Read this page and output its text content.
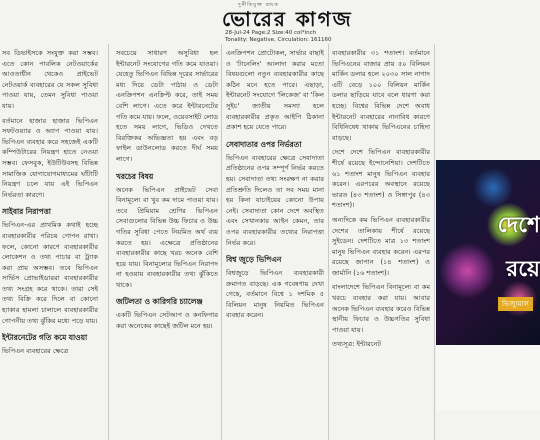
দুর্নীতিমুক্ত ব্যাংক
ভোরের কাগজ
28-Jul-24 Page:2 Size:40 col*inch
Tonality: Negative, Circulation: 161160

সব ডিভাইসকে সংযুক্ত করা সম্ভব। এতে কোন পাবলিক নেটওয়ার্কের আওতাধীন থেকেও প্রাইভেট নেটওয়ার্ক ব্যবহারের যে সকল সুবিধা পাওয়া যায়, তেমন সুবিধা পাওয়া যায়।

বর্তমানে হাজার হাজার ভিপিএন সফটওয়্যার ও অ্যাপ পাওয়া যায়। ভিপিএন ব্যবহার করে সহজেই একটি কম্পিউটারের নিয়ন্ত্রণ হাতে নেওয়া সম্ভব। ফেসবুক, ইউটিউবসহ বিভিন্ন সামাজিক যোগাযোগমাধ্যমের ঘাঁটাটি নিয়ন্ত্রণ চলে যায় এই ভিপিএন নির্ভরতা কারণে।

সাইবার নিরাপত্তা

ভিপিএন-এর প্রাথমিক কথাই হচ্ছে ব্যবহারকারীর পরিচয় গোপন রাখা। ফলে, কোনো কারণে ব্যবহারকারীর লোকেশন ও তথ্য পাচার বা ট্র্যাক করা প্রায় অসম্ভব। তবে ভিপিএন সার্ভিস প্রোভাইডাররা ব্যবহারকারীর তথ্য সংগ্রহ করে থাকে। তারা সেই তথ্য বিক্রি করে দিলে বা কোনো হ্যাকার হামলা চালালে ব্যবহারকারীর গোপনীয় তথ্য ঝুঁকির মধ্যে পড়ে যায়।

ইন্টারনেটের গতি কমে যাওয়া

ভিপিএন ব্যবহারের ক্ষেত্রে

সবচেয়ে সাধারণ অসুবিধা হল ইন্টারনেট সংযোগের গতি কমে যাওয়া। যেহেতু ভিপিএন বিভিন্ন দূরের সার্ভারের মধ্য দিয়ে ডেটা পাঠায় ও ডেটা এনক্রিপশন এনক্রিপ্ট করে, তাই সময় বেশি লাগে। এতে করে ইন্টারনেটের গতি কমে যায়। ফলে, ওয়েবসাইট লোড হতে সময় লাগে, ভিডিও দেখতে বিরক্তিকর অভিজ্ঞতা হয় এবং বড় ফাইল ডাউনলোড করতে দীর্ঘ সময় লাগে।

খরচের বিষয়

অনেক ভিপিএন প্রাইভেট সেবা বিনামূল্যে বা খুব কম দামে পাওয়া যায়। তবে প্রিমিয়াম শ্রেণির ভিপিএন সেবাগুলোর বিভিন্ন উচ্চ ফিচার ও উচ্চ গতির সুবিধা পেতে নিয়মিত অর্থ ব্যয় করতে হয়। এক্ষেত্রে প্রতিষ্ঠানের ব্যবহারকারীর কাছে খরচ অনেক বেশি হয়ে যায়। বিনামূল্যের ভিপিএন নিরাপদ না হওয়ায় ব্যবহারকারীর তথ্য ঝুঁকিতে থাকে।

জটিলতা ও কারিগরি চ্যালেঞ্জ

একটি ভিপিএন সেটআপ ও কনফিগার করা অনেকের কাছেই জটিল মনে হয়।

এনক্রিপশন প্রোটোকল, সার্ভার বাছাই ও 'টানেলিং' আলাদা করার মতো বিষয়গুলো নতুন ব্যবহারকারীর কাছে কঠিন মনে হতে পারে। এছাড়া, ইন্টারনেট সংযোগে 'লিকেজ' বা 'কিল সুইচ' জাতীয় সমস্যা হলে ব্যবহারকারীর প্রকৃত আইপি ঠিকানা প্রকাশ হয়ে যেতে পারে।

সেবাদাতার ওপর নির্ভরতা

ভিপিএন ব্যবহারের ক্ষেত্রে সেবাদাতা প্রতিষ্ঠানের ওপর সম্পূর্ণ নির্ভর করতে হয়। সেবাদাতা তথ্য সংরক্ষণ না করার প্রতিশ্রুতি দিলেও তা সব সময় মানা হয় কিনা যাচাইয়ের কোনো উপায় নেই। সেবাদাতা কোন দেশে অবস্থিত এবং সেখানকার আইন কেমন, তার ওপর ব্যবহারকারীর তথ্যের নিরাপত্তা নির্ভর করে।

বিশ্ব জুড়ে ভিপিএন

বিশ্বজুড়ে ভিপিএন ব্যবহারকারী ক্রমাগত বাড়ছে। এক গবেষণায় দেখা গেছে, বর্তমানে বিশ্বে ১ দশমিক ৫ বিলিয়ন মানুষ নিয়মিত ভিপিএন ব্যবহার করেন।

ব্যবহারকারীর ৩১ শতাংশ। বর্তমানে ভিপিএনের বাজার প্রায় ৫০ বিলিয়ন মার্কিন ডলার হলে ২০৩০ সাল নাগাদ এটি বেড়ে ১০০ বিলিয়ন মার্কিন ডলার ছাড়িয়ে যাবে বলে ধারণা করা হচ্ছে। বিশ্বের বিভিন্ন দেশে অবাধ ইন্টারনেট ব্যবহারের নানাবিধ কারণে বিধিনিষেধ থাকায় ভিপিএনের চাহিদা বাড়ছে।

দেশে দেশে ভিপিএন ব্যবহারকারীর শীর্ষে রয়েছে ইন্দোনেশিয়া। দেশটিতে ৬১ শতাংশ মানুষ ভিপিএন ব্যবহার করেন। এরপরের অবস্থানে রয়েছে ভারত (৪৩ শতাংশ) ও সিঙ্গাপুর (৪৩ শতাংশ)।

অন্যদিকে কম ভিপিএন ব্যবহারকারীর দেশের তালিকায় শীর্ষে রয়েছে সুইডেন। দেশটিতে মাত্র ১৩ শতাংশ মানুষ ভিপিএন ব্যবহার করেন। এরপর রয়েছে জাপান (১৪ শতাংশ) ও জার্মানি (১৬ শতাংশ)।

বাংলাদেশে ভিপিএন বিনামূল্যে বা কম খরচে ব্যবহার করা যায়। আবার অনেক ভিপিএন ব্যবহার করেও বিভিন্ন স্থানীয় ফিচার ও উচ্চগতির সুবিধা পাওয়া যায়।

তথ্যসূত্র: ইন্টারনেট

দেশে
রয়ে
ভিজ্যুয়াল
